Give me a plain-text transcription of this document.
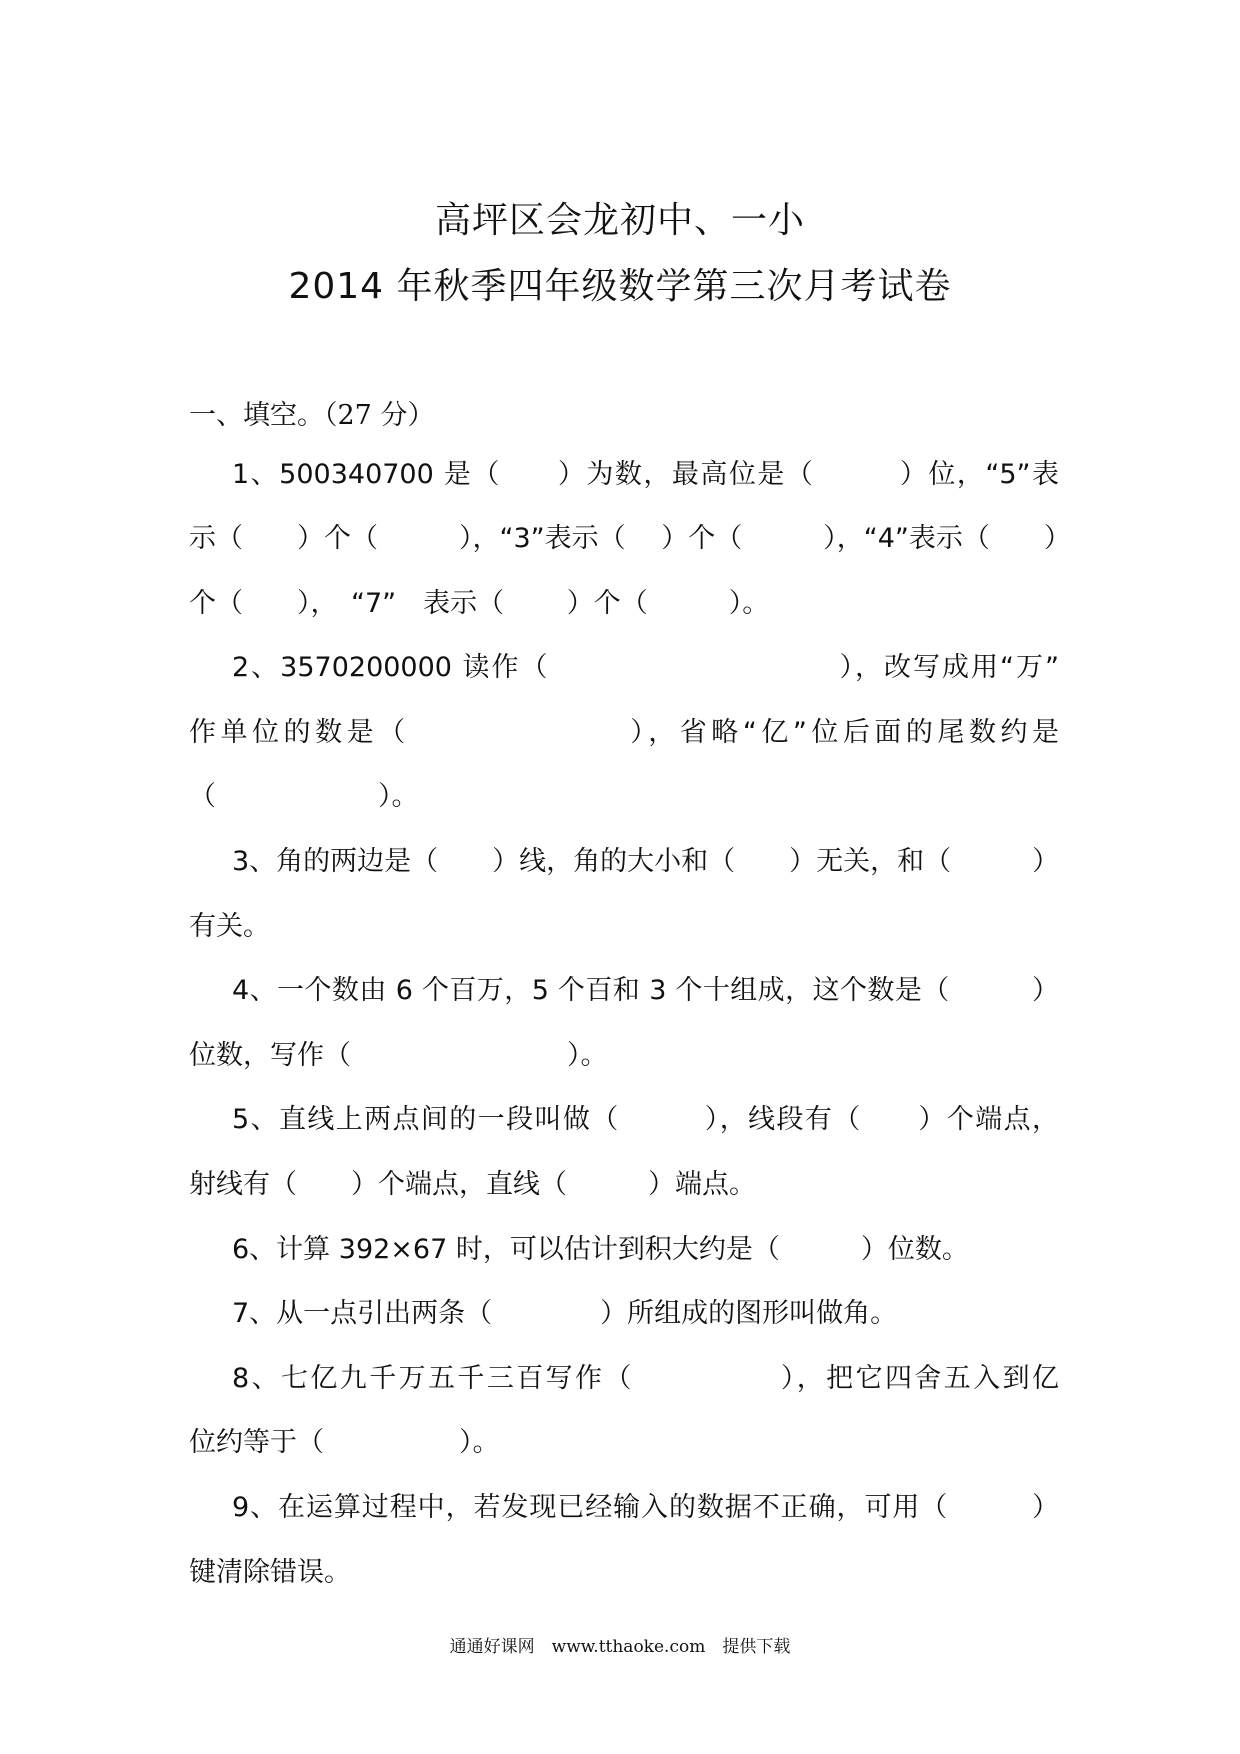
高坪区会龙初中、一小
2014 年秋季四年级数学第三次月考试卷
一、填空。（27 分）
1、500340700 是（　　）为数，最高位是（　　　）位，“5”表
示（　　）个（　　　），“3”表示（　 ）个（　　　），“4”表示（　　）
个（　　），　“7”　表示（　　 ）个（　　　）。
2、3570200000 读作（　　　　　　　　　　），改写成用“万”
作单位的数是（　　　　　　　），省略“亿”位后面的尾数约是
（　　　　　　）。
3、角的两边是（　　）线，角的大小和（　　）无关，和（　　　）
有关。
4、一个数由 6 个百万，5 个百和 3 个十组成，这个数是（　　　）
位数，写作（　　　　　　　　）。
5、直线上两点间的一段叫做（　　　），线段有（　　）个端点，
射线有（　　）个端点，直线（　　　）端点。
6、计算 392×67 时，可以估计到积大约是（　　　）位数。
7、从一点引出两条（　　　　）所组成的图形叫做角。
8、七亿九千万五千三百写作（　　　　　），把它四舍五入到亿
位约等于（　　　　　）。
9、在运算过程中，若发现已经输入的数据不正确，可用（　　　）
键清除错误。
通通好课网　www.tthaoke.com　提供下载
